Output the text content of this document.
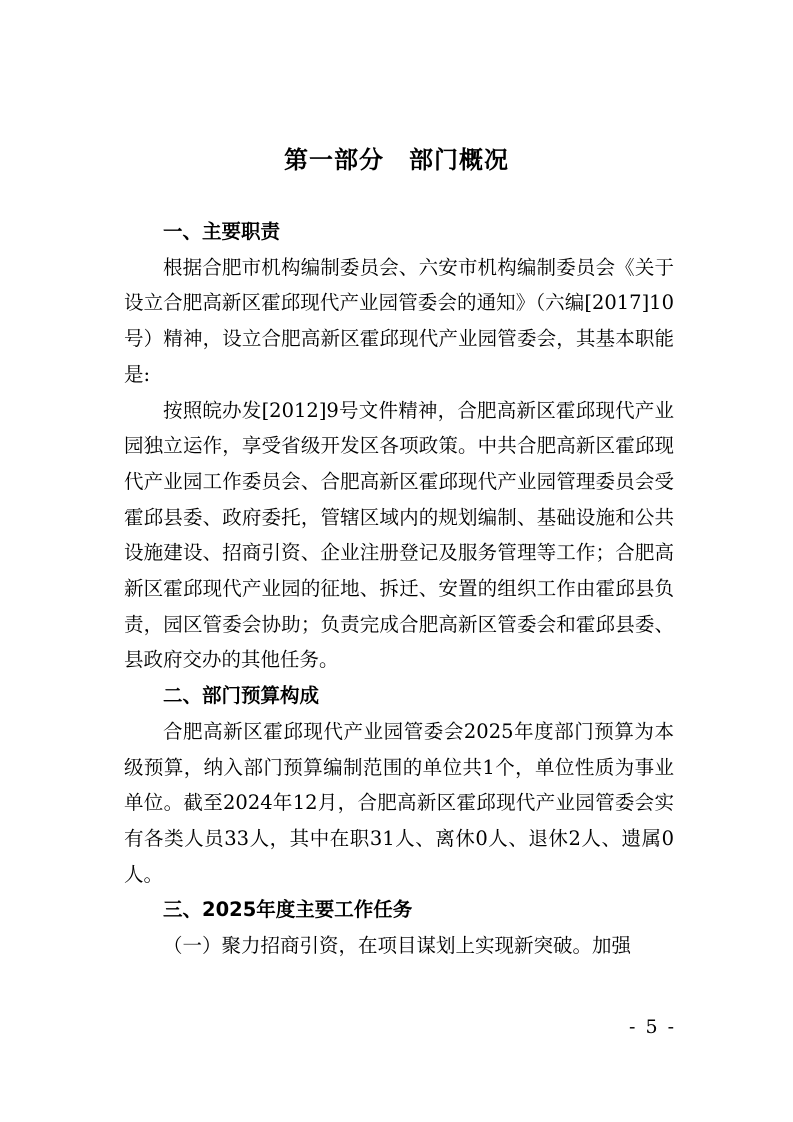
第一部分　部门概况
一、主要职责

根据合肥市机构编制委员会、六安市机构编制委员会《关于设立合肥高新区霍邱现代产业园管委会的通知》（六编[2017]10号）精神，设立合肥高新区霍邱现代产业园管委会，其基本职能是:

按照皖办发[2012]9号文件精神，合肥高新区霍邱现代产业园独立运作，享受省级开发区各项政策。中共合肥高新区霍邱现代产业园工作委员会、合肥高新区霍邱现代产业园管理委员会受霍邱县委、政府委托，管辖区域内的规划编制、基础设施和公共设施建设、招商引资、企业注册登记及服务管理等工作；合肥高新区霍邱现代产业园的征地、拆迁、安置的组织工作由霍邱县负责，园区管委会协助；负责完成合肥高新区管委会和霍邱县委、县政府交办的其他任务。

二、部门预算构成

合肥高新区霍邱现代产业园管委会2025年度部门预算为本级预算，纳入部门预算编制范围的单位共1个，单位性质为事业单位。截至2024年12月，合肥高新区霍邱现代产业园管委会实有各类人员33人，其中在职31人、离休0人、退休2人、遗属0人。

三、2025年度主要工作任务

（一）聚力招商引资，在项目谋划上实现新突破。加强

- 5 -
